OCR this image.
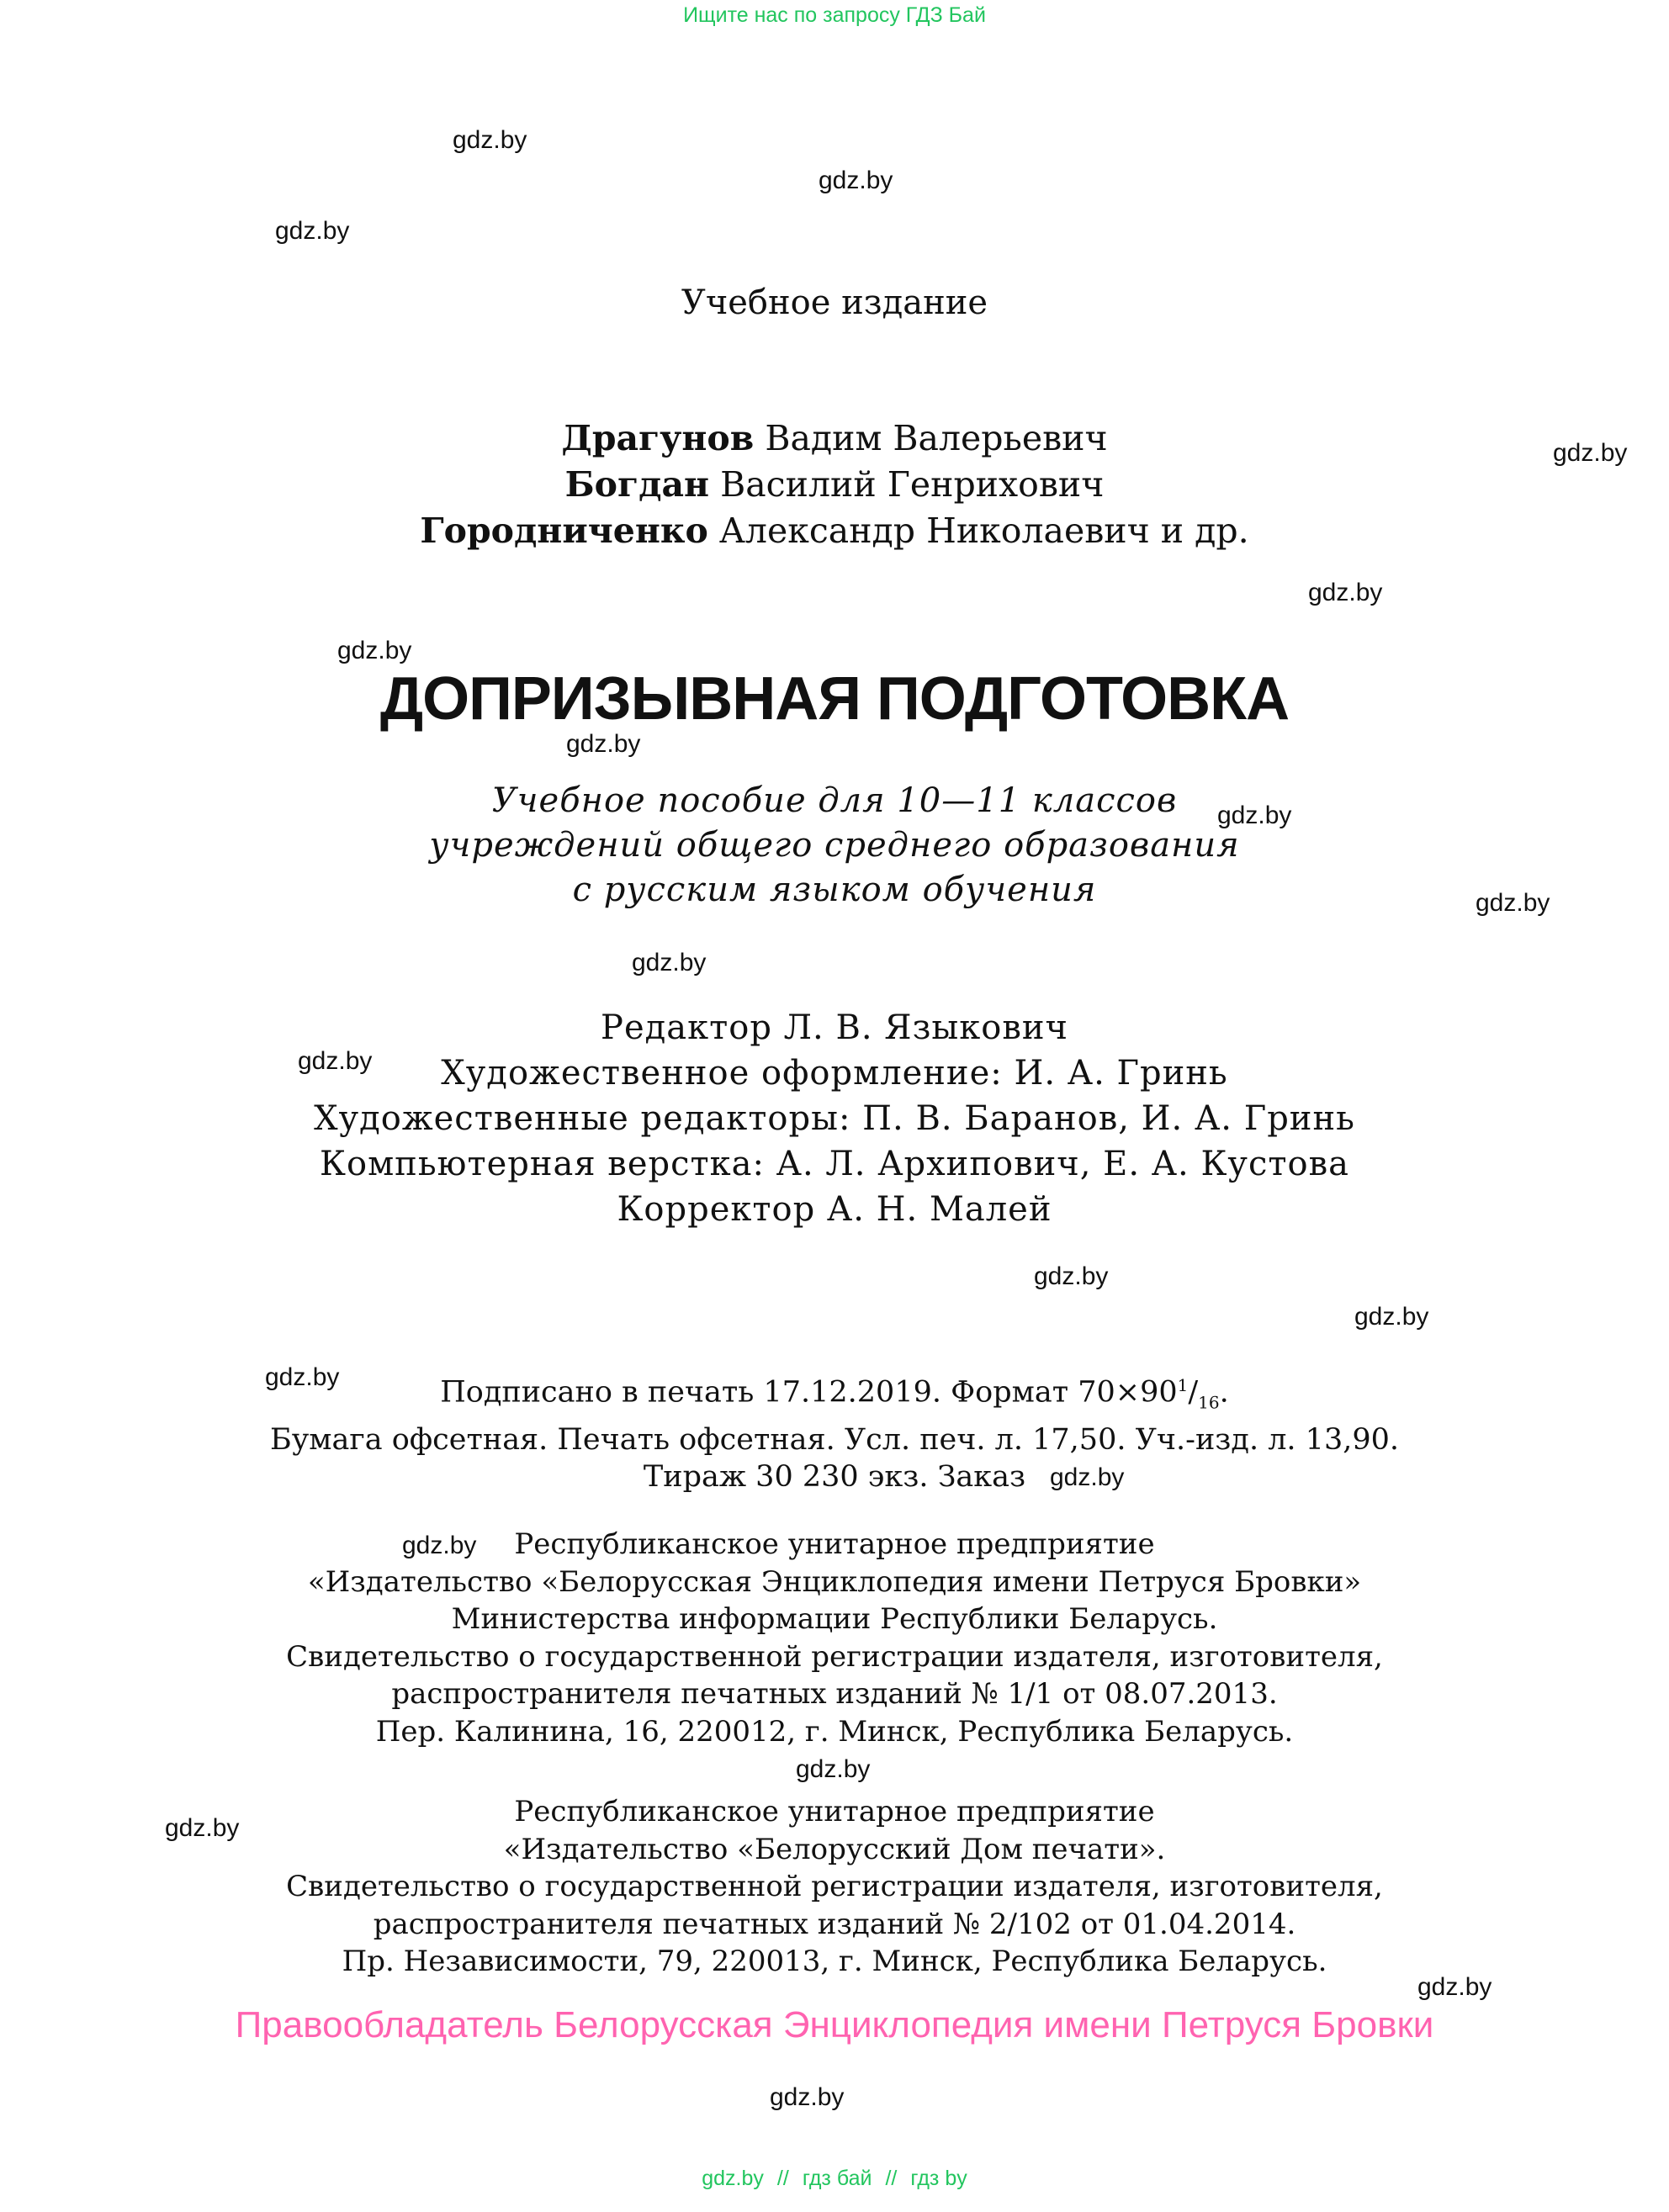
Ищите нас по запросу ГДЗ Бай
gdz.by
gdz.by
gdz.by
gdz.by
gdz.by
gdz.by
gdz.by
gdz.by
gdz.by
gdz.by
gdz.by
gdz.by
gdz.by
gdz.by
gdz.by
gdz.by
gdz.by
gdz.by
gdz.by
gdz.by
Учебное издание
Драгунов Вадим Валерьевич
Богдан Василий Генрихович
Городниченко Александр Николаевич и др.
ДОПРИЗЫВНАЯ ПОДГОТОВКА
Учебное пособие для 10—11 классов
учреждений общего среднего образования
с русским языком обучения
Редактор Л. В. Языкович
Художественное оформление: И. А. Гринь
Художественные редакторы: П. В. Баранов, И. А. Гринь
Компьютерная верстка: А. Л. Архипович, Е. А. Кустова
Корректор А. Н. Малей
Подписано в печать 17.12.2019. Формат $70\times 90^1/_{16}$.
Бумага офсетная. Печать офсетная. Усл. печ. л. 17,50. Уч.-изд. л. 13,90.
Тираж 30 230 экз. Заказ
Республиканское унитарное предприятие
«Издательство «Белорусская Энциклопедия имени Петруся Бровки»
Министерства информации Республики Беларусь.
Свидетельство о государственной регистрации издателя, изготовителя,
распространителя печатных изданий № 1/1 от 08.07.2013.
Пер. Калинина, 16, 220012, г. Минск, Республика Беларусь.
Республиканское унитарное предприятие
«Издательство «Белорусский Дом печати».
Свидетельство о государственной регистрации издателя, изготовителя,
распространителя печатных изданий № 2/102 от 01.04.2014.
Пр. Независимости, 79, 220013, г. Минск, Республика Беларусь.
Правообладатель Белорусская Энциклопедия имени Петруся Бровки
gdz.by // гдз бай // гдз by
